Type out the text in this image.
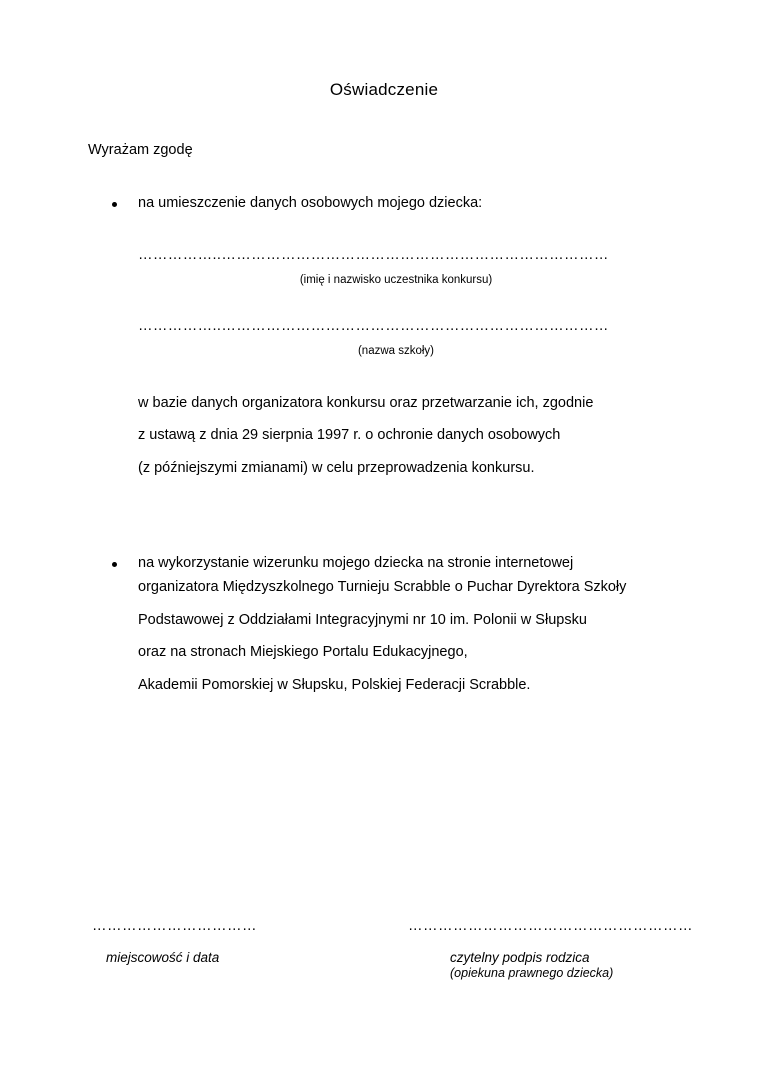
Oświadczenie
Wyrażam zgodę
na umieszczenie danych osobowych mojego dziecka:
……………..……………………………………………………………………
(imię i nazwisko uczestnika konkursu)
……………..……………………………………………………………………
(nazwa szkoły)
w bazie danych organizatora konkursu oraz przetwarzanie ich, zgodnie
z ustawą z dnia 29 sierpnia 1997 r. o ochronie danych osobowych
(z późniejszymi zmianami) w celu przeprowadzenia konkursu.
na wykorzystanie wizerunku mojego dziecka na stronie internetowej
organizatora Międzyszkolnego Turnieju Scrabble o Puchar Dyrektora Szkoły
Podstawowej z Oddziałami Integracyjnymi nr 10 im. Polonii w Słupsku
oraz na stronach Miejskiego Portalu Edukacyjnego,
Akademii Pomorskiej w Słupsku, Polskiej Federacji Scrabble.
……………………………
miejscowość i data
…………………………………………………
czytelny podpis rodzica
(opiekuna prawnego dziecka)
